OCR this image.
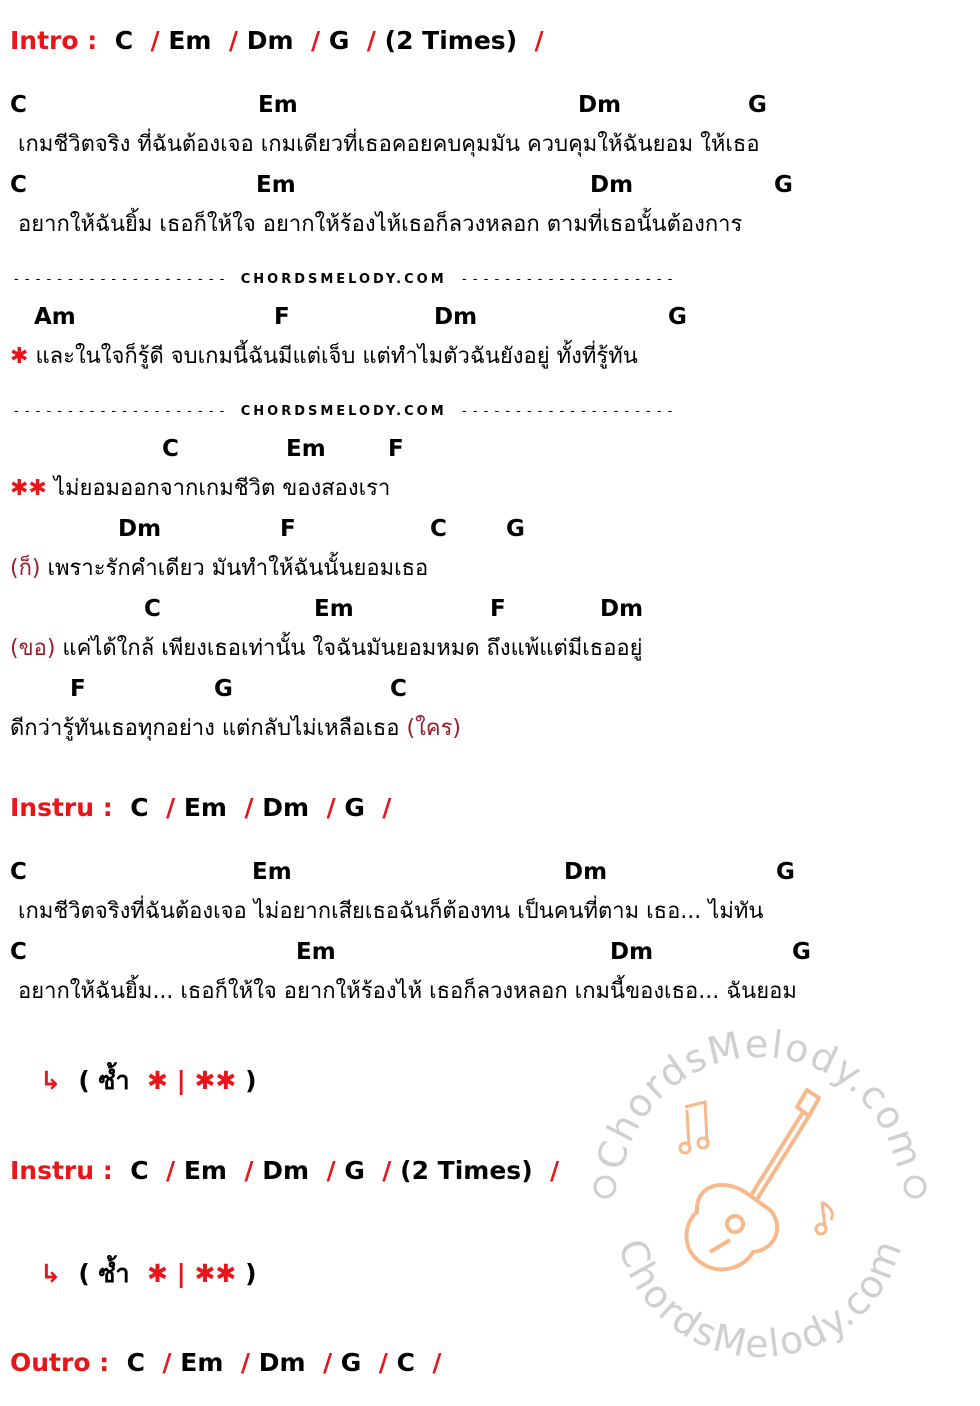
Intro : C / Em / Dm / G / (2 Times) /
C	Em	Dm	G
เกมชีวิตจริง ที่ฉันต้องเจอ เกมเดียวที่เธอคอยคบคุมมัน ควบคุมให้ฉันยอม ให้เธอ
C	Em	Dm	G
อยากให้ฉันยิ้ม เธอก็ให้ใจ อยากให้ร้องไห้เธอก็ลวงหลอก ตามที่เธอนั้นต้องการ
- - - - - - - - - - - - - - - - - - - -   CHORDSMELODY.COM   - - - - - - - - - - - - - - - - - - - -
Am	F	Dm	G
✱ และในใจก็รู้ดี จบเกมนี้ฉันมีแต่เจ็บ แต่ทำไมตัวฉันยังอยู่ ทั้งที่รู้ทัน
- - - - - - - - - - - - - - - - - - - -   CHORDSMELODY.COM   - - - - - - - - - - - - - - - - - - - -
C	Em	F
✱✱ ไม่ยอมออกจากเกมชีวิต ของสองเรา
Dm	F	C	G
(ก็) เพราะรักคำเดียว มันทำให้ฉันนั้นยอมเธอ
C	Em	F	Dm
(ขอ) แค่ได้ใกล้ เพียงเธอเท่านั้น ใจฉันมันยอมหมด ถึงแพ้แต่มีเธออยู่
F	G	C
ดีกว่ารู้ทันเธอทุกอย่าง แต่กลับไม่เหลือเธอ (ใคร)
Instru : C / Em / Dm / G /
C	Em	Dm	G
เกมชีวิตจริงที่ฉันต้องเจอ ไม่อยากเสียเธอฉันก็ต้องทน เป็นคนที่ตาม เธอ... ไม่ทัน
C	Em	Dm	G
อยากให้ฉันยิ้ม... เธอก็ให้ใจ อยากให้ร้องไห้ เธอก็ลวงหลอก เกมนี้ของเธอ... ฉันยอม
↳ ( ซ้ำ ✱ | ✱✱ )
Instru : C / Em / Dm / G / (2 Times) /
↳ ( ซ้ำ ✱ | ✱✱ )
Outro : C / Em / Dm / G / C /
ChordsMelody.com
ChordsMelody.com
